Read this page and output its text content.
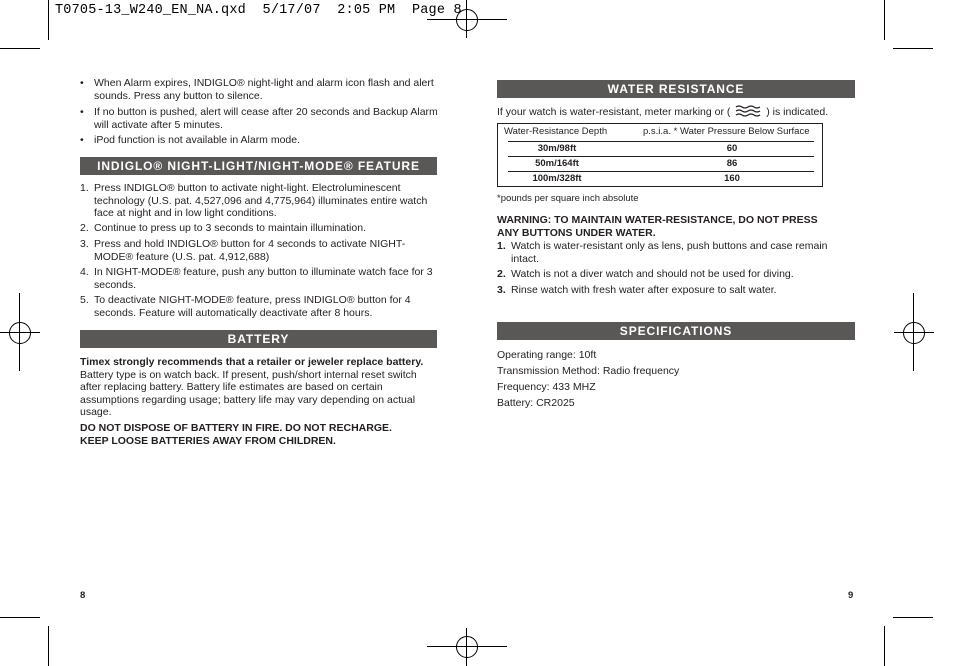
T0705-13_W240_EN_NA.qxd  5/17/07  2:05 PM  Page 8
• When Alarm expires, INDIGLO® night-light and alarm icon flash and alert sounds. Press any button to silence.
• If no button is pushed, alert will cease after 20 seconds and Backup Alarm will activate after 5 minutes.
• iPod function is not available in Alarm mode.
INDIGLO® NIGHT-LIGHT/NIGHT-MODE® FEATURE
1. Press INDIGLO® button to activate night-light. Electroluminescent technology (U.S. pat. 4,527,096 and 4,775,964) illuminates entire watch face at night and in low light conditions.
2. Continue to press up to 3 seconds to maintain illumination.
3. Press and hold INDIGLO® button for 4 seconds to activate NIGHT-MODE® feature (U.S. pat. 4,912,688)
4. In NIGHT-MODE® feature, push any button to illuminate watch face for 3 seconds.
5. To deactivate NIGHT-MODE® feature, press INDIGLO® button for 4 seconds. Feature will automatically deactivate after 8 hours.
BATTERY
Timex strongly recommends that a retailer or jeweler replace battery. Battery type is on watch back. If present, push/short internal reset switch after replacing battery. Battery life estimates are based on certain assumptions regarding usage; battery life may vary depending on actual usage.
DO NOT DISPOSE OF BATTERY IN FIRE. DO NOT RECHARGE.
KEEP LOOSE BATTERIES AWAY FROM CHILDREN.
8
WATER RESISTANCE
If your watch is water-resistant, meter marking or (	) is indicated.
Water-Resistance Depth	p.s.i.a. * Water Pressure Below Surface
30m/98ft	60
50m/164ft	86
100m/328ft	160
*pounds per square inch absolute
WARNING: TO MAINTAIN WATER-RESISTANCE, DO NOT PRESS
ANY BUTTONS UNDER WATER.
1. Watch is water-resistant only as lens, push buttons and case remain intact.
2. Watch is not a diver watch and should not be used for diving.
3. Rinse watch with fresh water after exposure to salt water.
SPECIFICATIONS
Operating range: 10ft
Transmission Method: Radio frequency
Frequency: 433 MHZ
Battery: CR2025
9
